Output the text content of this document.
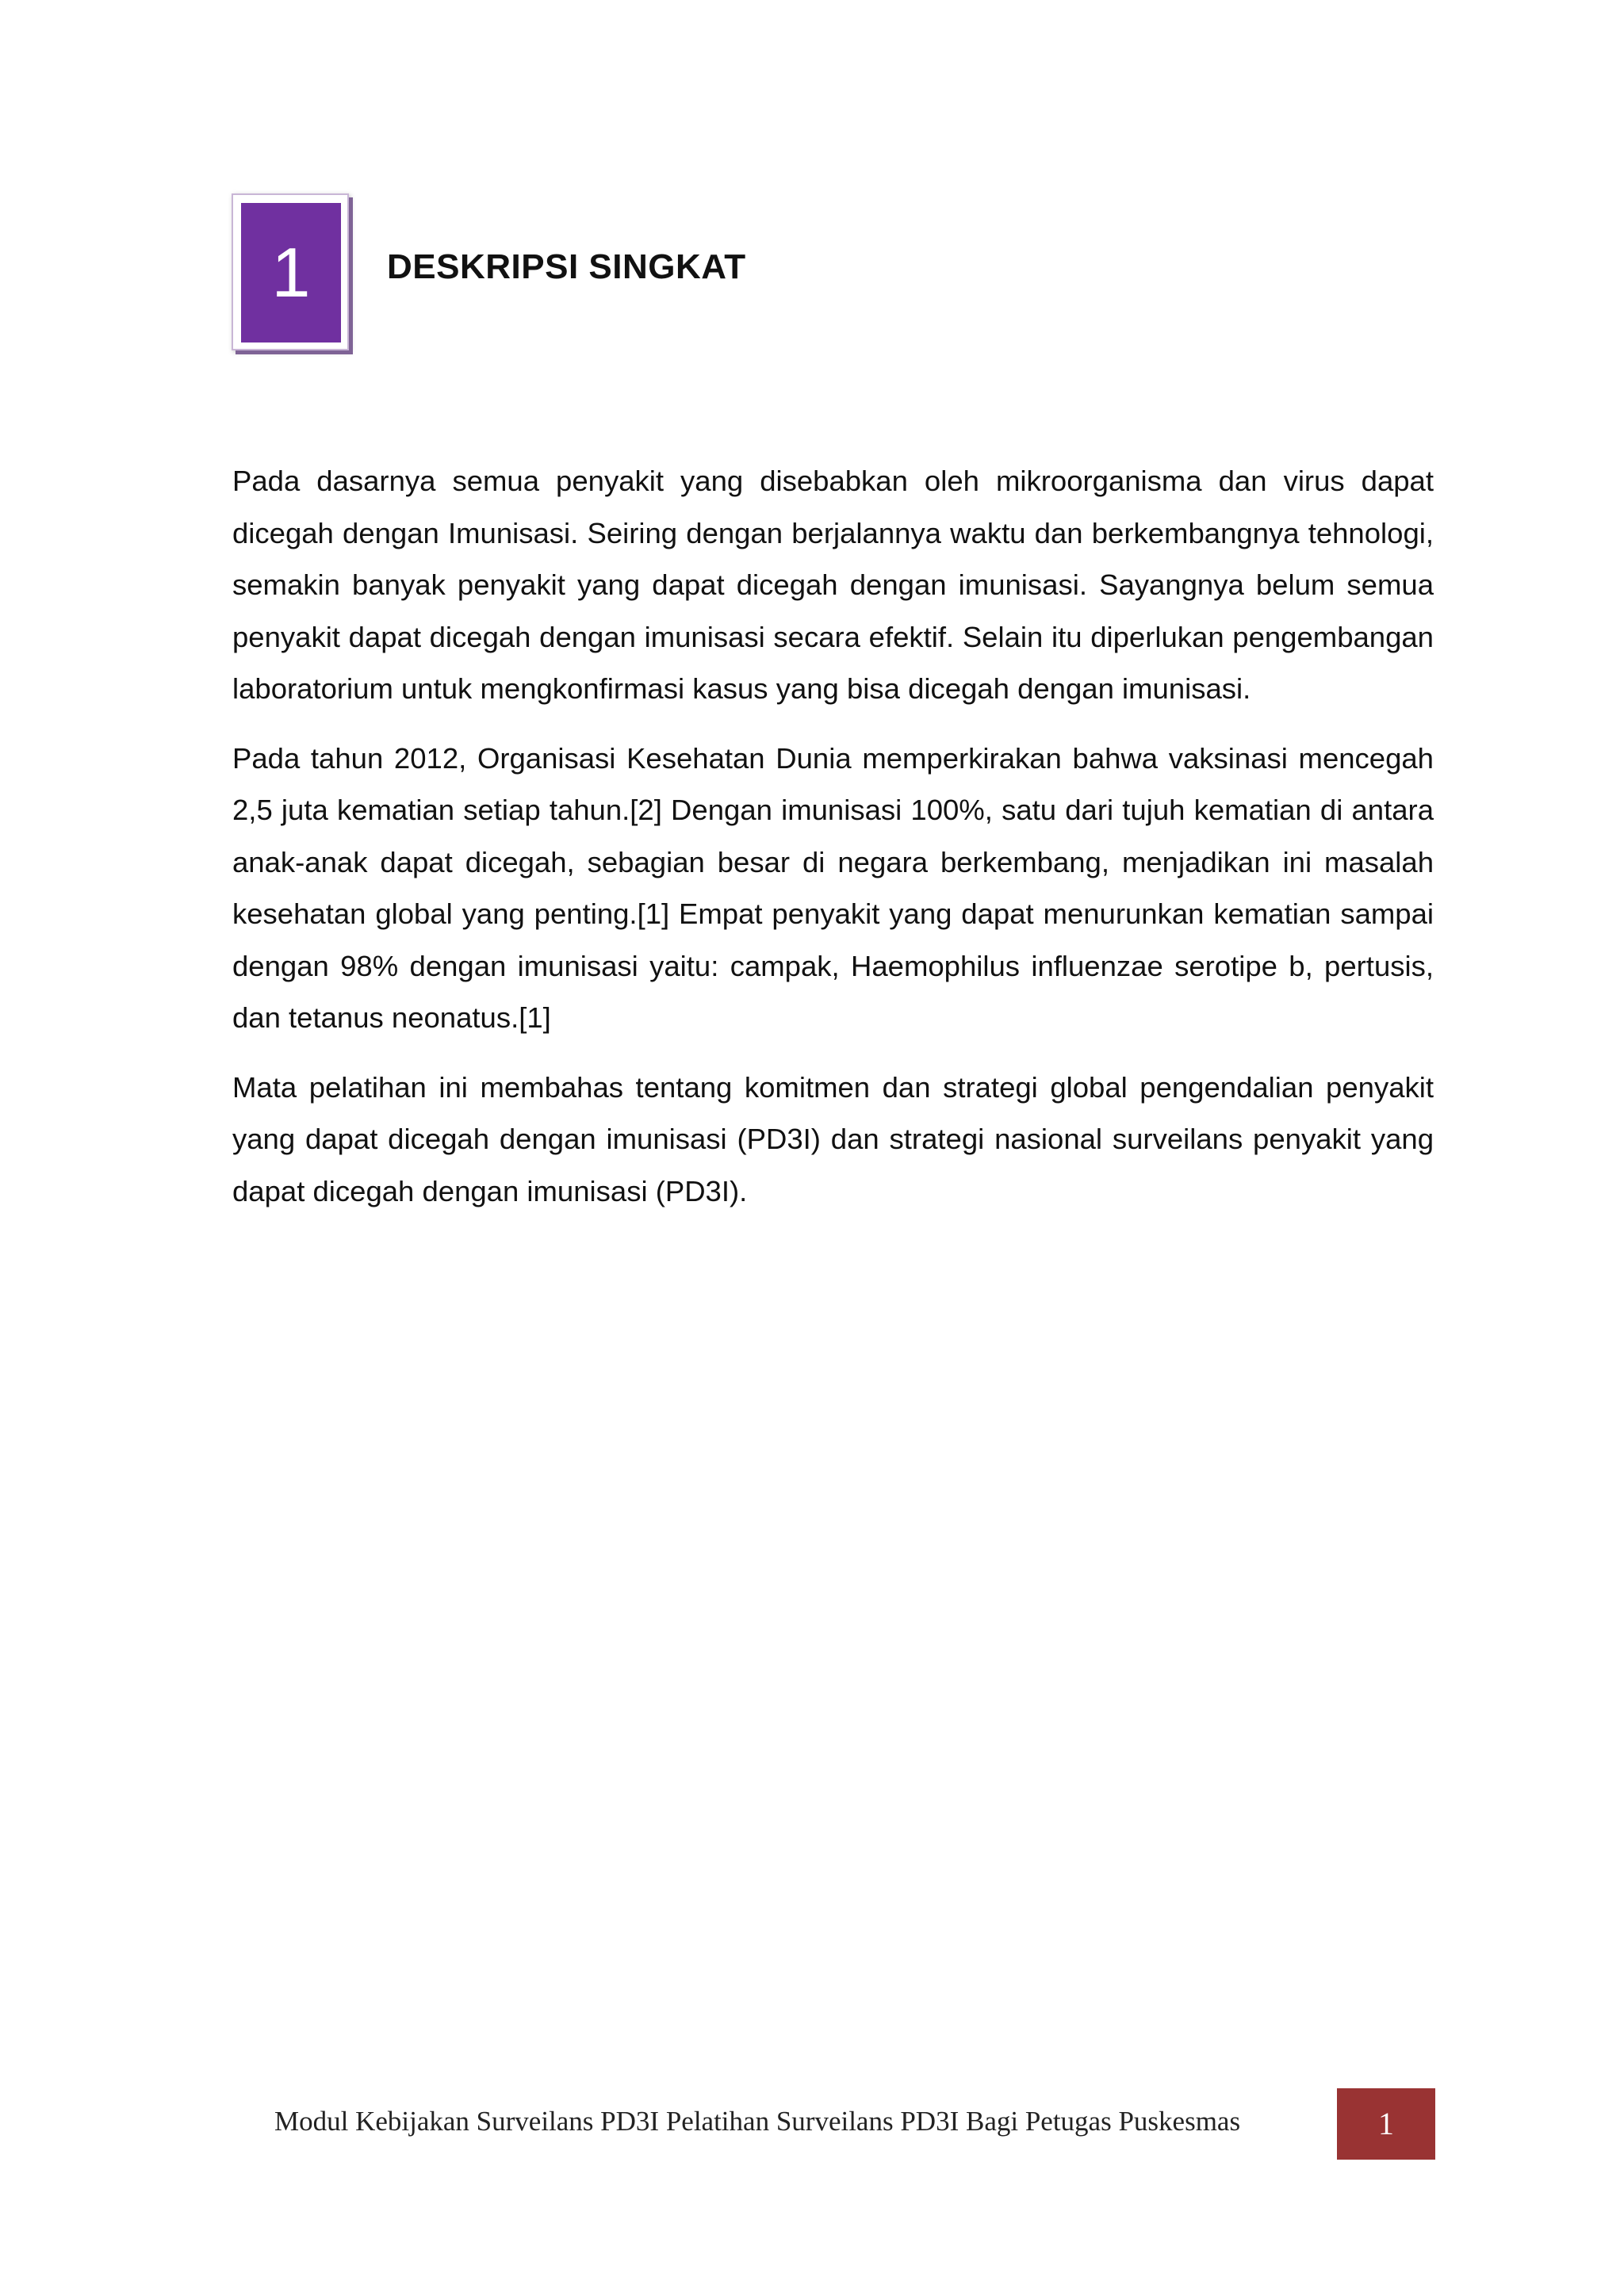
1	DESKRIPSI SINGKAT

Pada dasarnya semua penyakit yang disebabkan oleh mikroorganisma dan virus dapat dicegah dengan Imunisasi. Seiring dengan berjalannya waktu dan berkembangnya tehnologi, semakin banyak penyakit yang dapat dicegah dengan imunisasi. Sayangnya belum semua penyakit dapat dicegah dengan imunisasi secara efektif. Selain itu diperlukan pengembangan laboratorium untuk mengkonfirmasi kasus yang bisa dicegah dengan imunisasi.

Pada tahun 2012, Organisasi Kesehatan Dunia memperkirakan bahwa vaksinasi mencegah 2,5 juta kematian setiap tahun.[2] Dengan imunisasi 100%, satu dari tujuh kematian di antara anak-anak dapat dicegah, sebagian besar di negara berkembang, menjadikan ini masalah kesehatan global yang penting.[1] Empat penyakit yang dapat menurunkan kematian sampai dengan 98% dengan imunisasi yaitu: campak, Haemophilus influenzae serotipe b, pertusis, dan tetanus neonatus.[1]

Mata pelatihan ini membahas tentang komitmen dan strategi global pengendalian penyakit yang dapat dicegah dengan imunisasi (PD3I) dan strategi nasional surveilans penyakit yang dapat dicegah dengan imunisasi (PD3I).

Modul Kebijakan Surveilans PD3I Pelatihan Surveilans PD3I Bagi Petugas Puskesmas	1
